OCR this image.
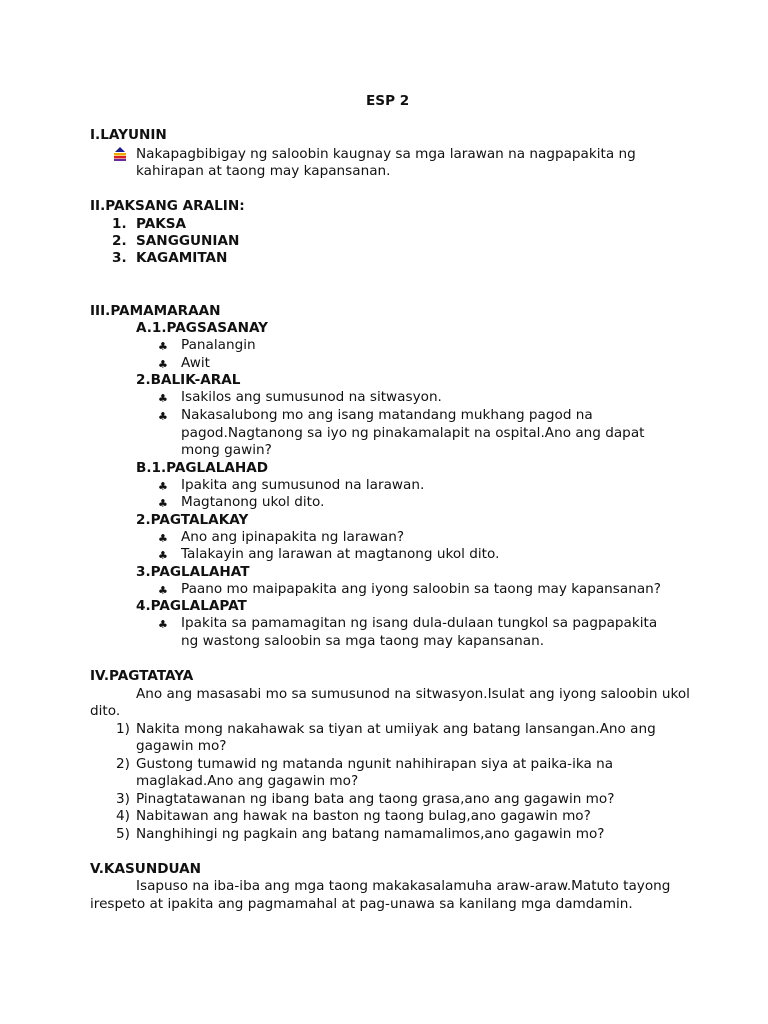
ESP 2
I.LAYUNIN
Nakapagbibigay ng saloobin kaugnay sa mga larawan na nagpapakita ng
kahirapan at taong may kapansanan.
II.PAKSANG ARALIN:
1. PAKSA
2. SANGGUNIAN
3. KAGAMITAN
III.PAMAMARAAN
A.1.PAGSASANAY
♣ Panalangin
♣ Awit
2.BALIK-ARAL
♣ Isakilos ang sumusunod na sitwasyon.
♣ Nakasalubong mo ang isang matandang mukhang pagod na
pagod.Nagtanong sa iyo ng pinakamalapit na ospital.Ano ang dapat
mong gawin?
B.1.PAGLALAHAD
♣ Ipakita ang sumusunod na larawan.
♣ Magtanong ukol dito.
2.PAGTALAKAY
♣ Ano ang ipinapakita ng larawan?
♣ Talakayin ang larawan at magtanong ukol dito.
3.PAGLALAHAT
♣ Paano mo maipapakita ang iyong saloobin sa taong may kapansanan?
4.PAGLALAPAT
♣ Ipakita sa pamamagitan ng isang dula-dulaan tungkol sa pagpapakita
ng wastong saloobin sa mga taong may kapansanan.
IV.PAGTATAYA
Ano ang masasabi mo sa sumusunod na sitwasyon.Isulat ang iyong saloobin ukol
dito.
1) Nakita mong nakahawak sa tiyan at umiiyak ang batang lansangan.Ano ang
gagawin mo?
2) Gustong tumawid ng matanda ngunit nahihirapan siya at paika-ika na
maglakad.Ano ang gagawin mo?
3) Pinagtatawanan ng ibang bata ang taong grasa,ano ang gagawin mo?
4) Nabitawan ang hawak na baston ng taong bulag,ano gagawin mo?
5) Nanghihingi ng pagkain ang batang namamalimos,ano gagawin mo?
V.KASUNDUAN
Isapuso na iba-iba ang mga taong makakasalamuha araw-araw.Matuto tayong
irespeto at ipakita ang pagmamahal at pag-unawa sa kanilang mga damdamin.
